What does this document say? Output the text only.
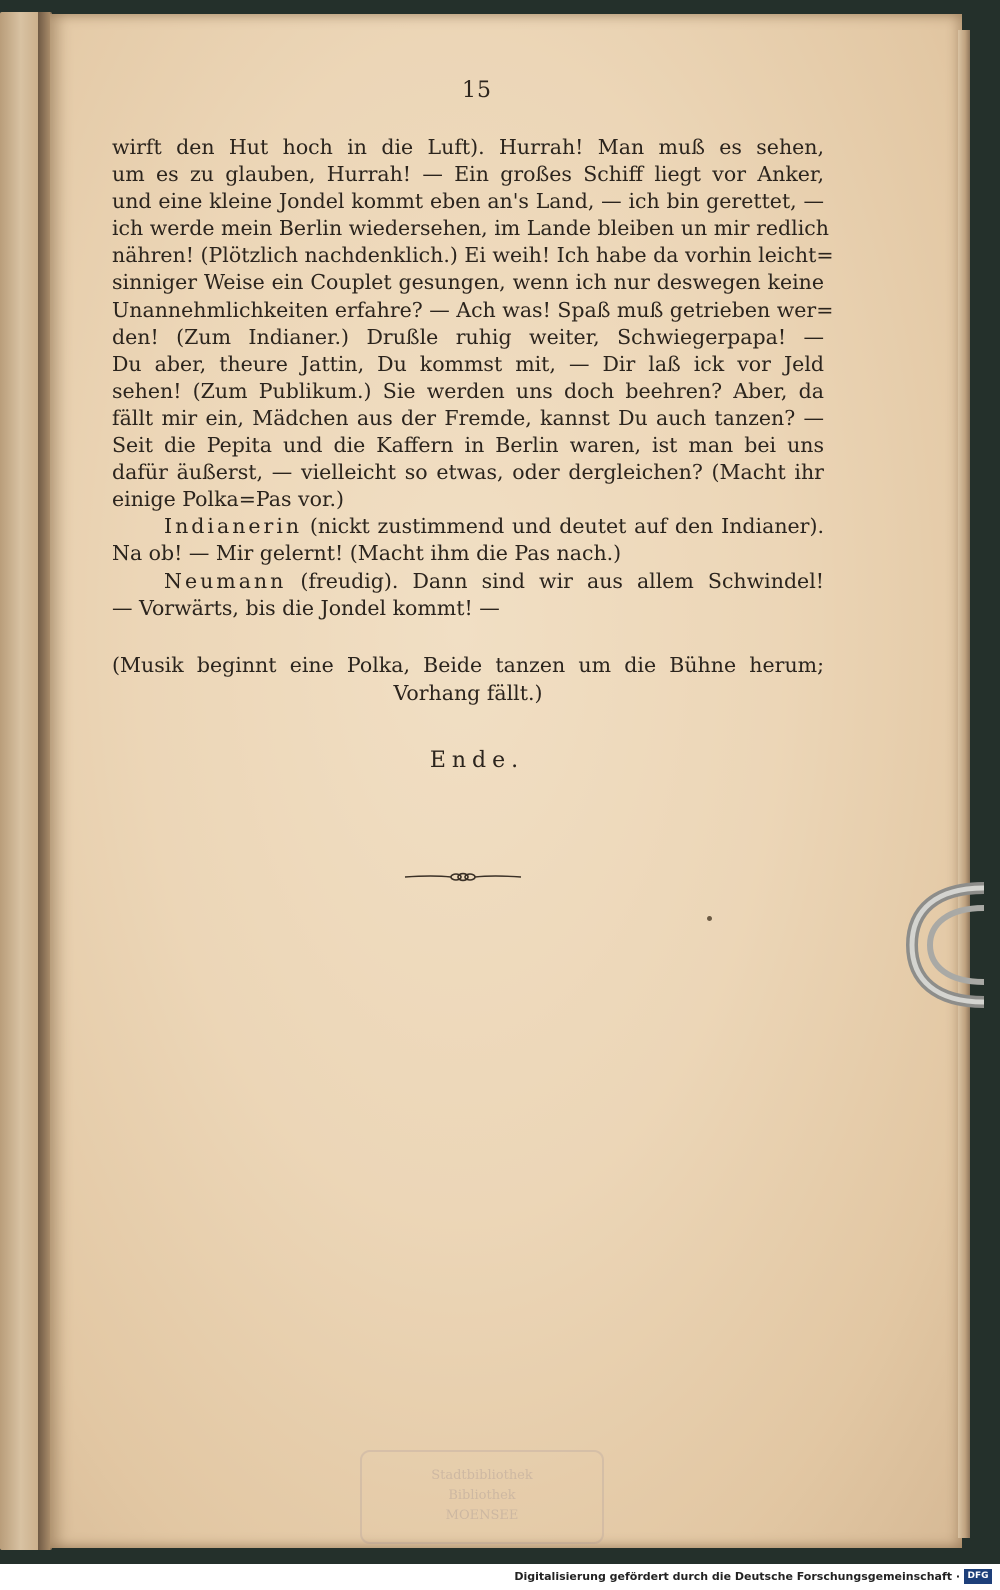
15
wirft den Hut hoch in die Luft). Hurrah! Man muß es sehen,
um es zu glauben, Hurrah! — Ein großes Schiff liegt vor Anker,
und eine kleine Jondel kommt eben an's Land, — ich bin gerettet, —
ich werde mein Berlin wiedersehen, im Lande bleiben un mir redlich
nähren! (Plötzlich nachdenklich.) Ei weih! Ich habe da vorhin leicht=
sinniger Weise ein Couplet gesungen, wenn ich nur deswegen keine
Unannehmlichkeiten erfahre? — Ach was! Spaß muß getrieben wer=
den! (Zum Indianer.) Drußle ruhig weiter, Schwiegerpapa! —
Du aber, theure Jattin, Du kommst mit, — Dir laß ick vor Jeld
sehen! (Zum Publikum.) Sie werden uns doch beehren? Aber, da
fällt mir ein, Mädchen aus der Fremde, kannst Du auch tanzen? —
Seit die Pepita und die Kaffern in Berlin waren, ist man bei uns
dafür äußerst, — vielleicht so etwas, oder dergleichen? (Macht ihr
einige Polka=Pas vor.)
Indianerin (nickt zustimmend und deutet auf den Indianer).
Na ob! — Mir gelernt! (Macht ihm die Pas nach.)
Neumann (freudig). Dann sind wir aus allem Schwindel!
— Vorwärts, bis die Jondel kommt! —
(Musik beginnt eine Polka, Beide tanzen um die Bühne herum;
Vorhang fällt.)
Ende.
Stadtbibliothek
Bibliothek
MOENSEE
Digitalisierung gefördert durch die Deutsche Forschungsgemeinschaft · DFG
